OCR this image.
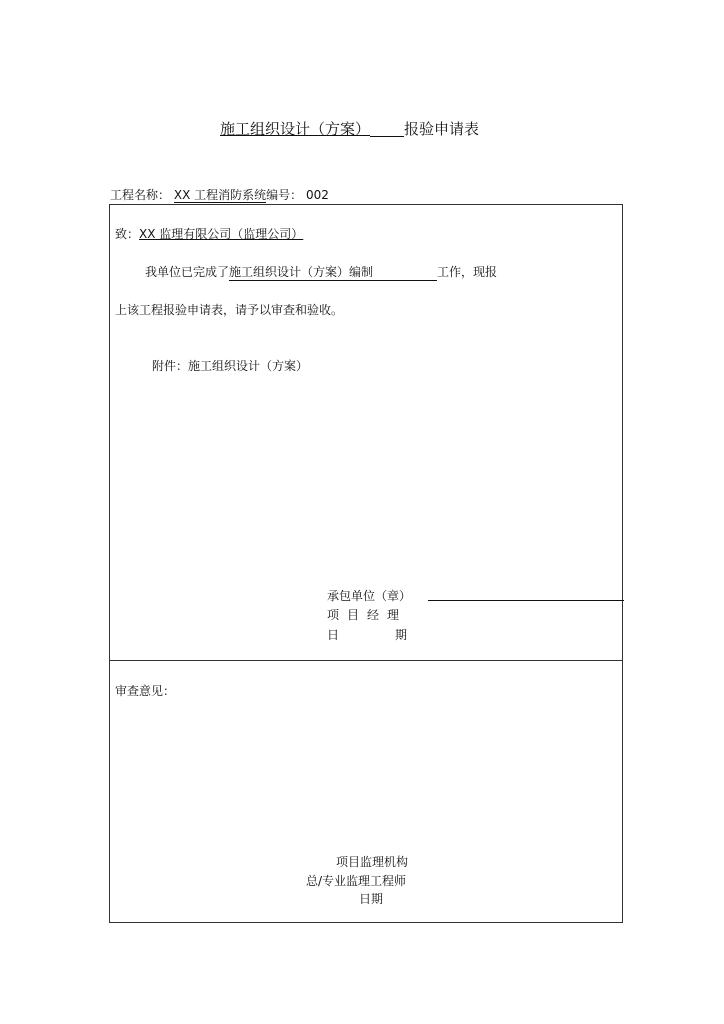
施工组织设计（方案） 报验申请表
工程名称： XX 工程消防系统编号： 002
致：XX 监理有限公司（监理公司）
我单位已完成了施工组织设计（方案）编制	工作，现报
上该工程报验申请表，请予以审查和验收。
附件：施工组织设计（方案）
承包单位（章）
项目经理
日	期
审查意见：
项目监理机构
总/专业监理工程师
日期
